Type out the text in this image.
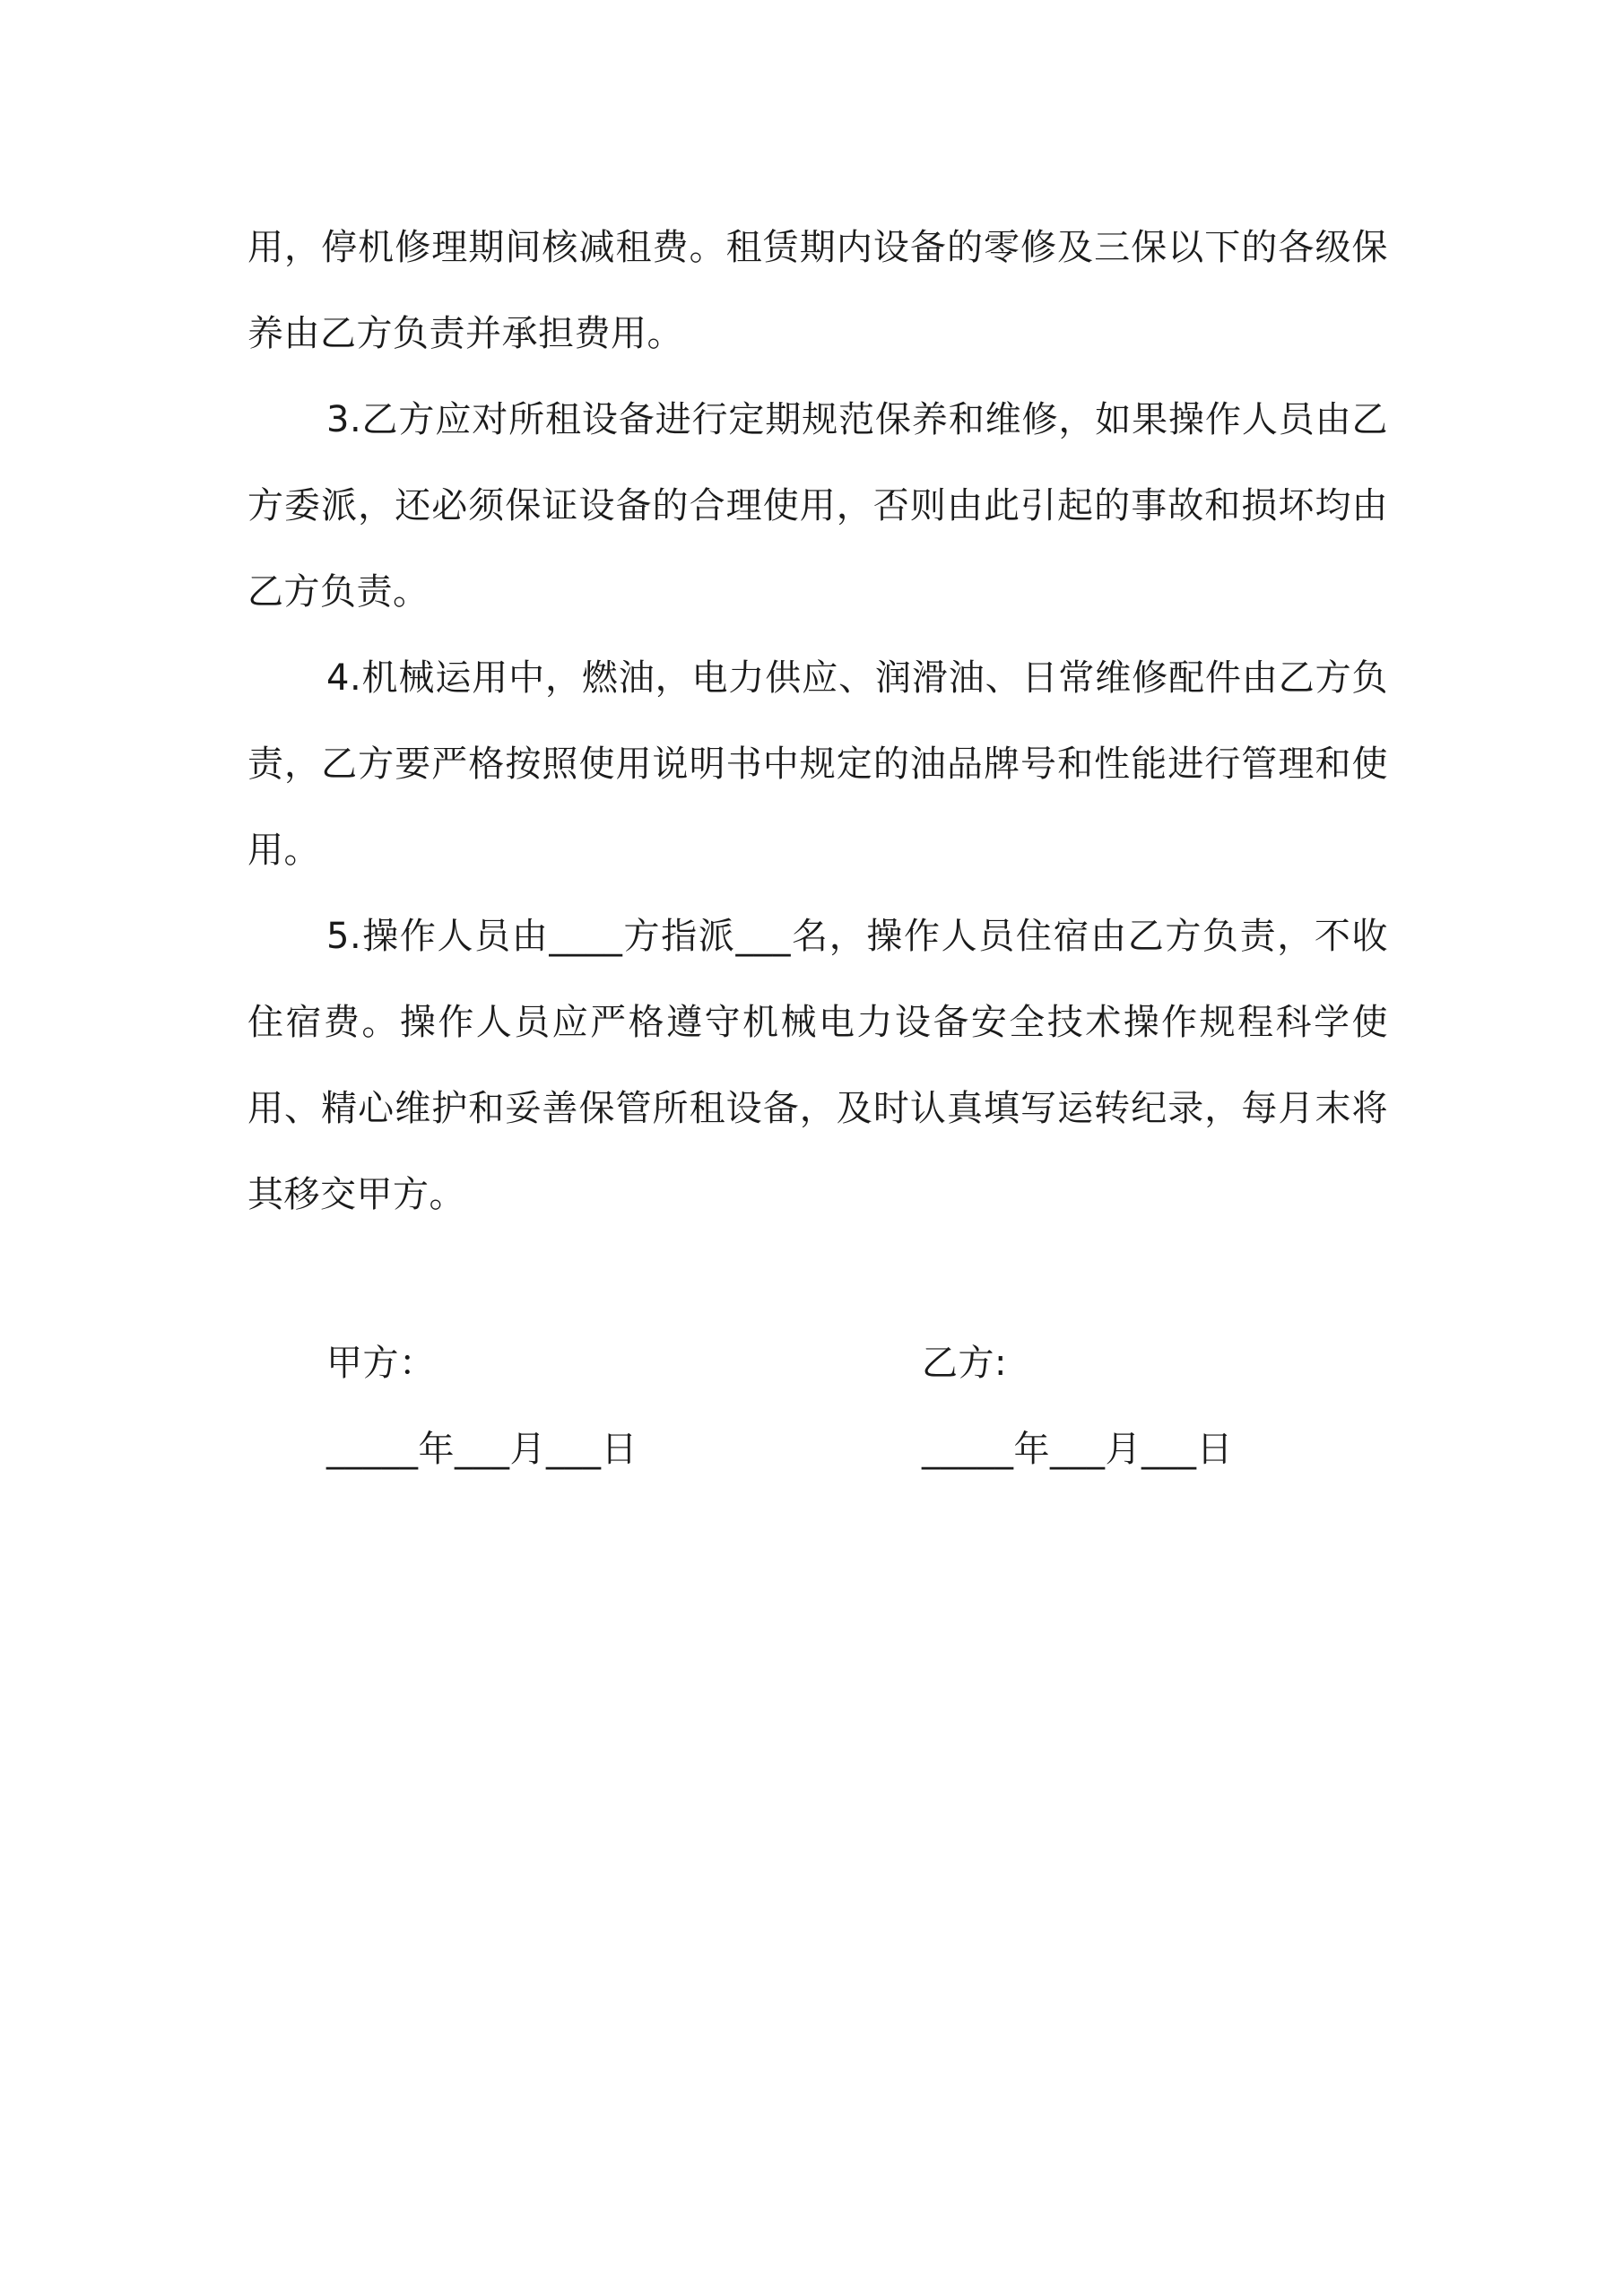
用，停机修理期间核减租费。租赁期内设备的零修及三保以下的各级保养由乙方负责并承担费用。

3.乙方应对所租设备进行定期规范保养和维修，如果操作人员由乙方委派，还必须保证设备的合理使用，否则由此引起的事故和损坏均由乙方负责。

4.机械运用中，燃油，电力供应、润滑油、日常维修配件由乙方负责，乙方要严格按照使用说明书中规定的油品牌号和性能进行管理和使用。

5.操作人员由____方指派___名，操作人员住宿由乙方负责，不收住宿费。操作人员应严格遵守机械电力设备安全技术操作规程科学使用、精心维护和妥善保管所租设备，及时认真填写运转纪录，每月末将其移交甲方。

甲方：
_____年___月___日
乙方:
_____年___月___日
